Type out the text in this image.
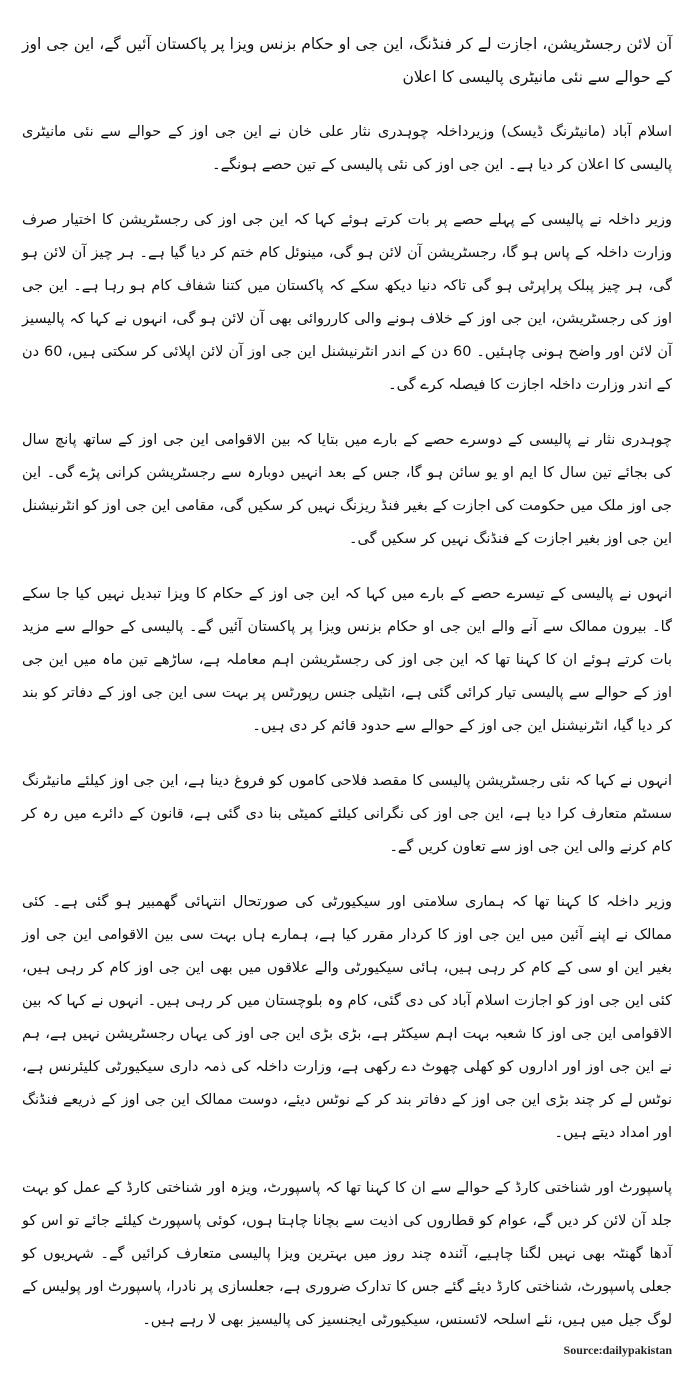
آن لائن رجسٹریشن، اجازت لے کر فنڈنگ، این جی او حکام بزنس ویزا پر پاکستان آئیں گے، این جی اوز کے حوالے سے نئی مانیٹری پالیسی کا اعلان

اسلام آباد (مانیٹرنگ ڈیسک) وزیرداخلہ چوہدری نثار علی خان نے این جی اوز کے حوالے سے نئی مانیٹری پالیسی کا اعلان کر دیا ہے۔ این جی اوز کی نئی پالیسی کے تین حصے ہونگے۔

وزیر داخلہ نے پالیسی کے پہلے حصے پر بات کرتے ہوئے کہا کہ این جی اوز کی رجسٹریشن کا اختیار صرف وزارت داخلہ کے پاس ہو گا، رجسٹریشن آن لائن ہو گی، مینوئل کام ختم کر دیا گیا ہے۔ ہر چیز آن لائن ہو گی، ہر چیز پبلک پراپرٹی ہو گی تاکہ دنیا دیکھ سکے کہ پاکستان میں کتنا شفاف کام ہو رہا ہے۔ این جی اوز کی رجسٹریشن، این جی اوز کے خلاف ہونے والی کارروائی بھی آن لائن ہو گی، انہوں نے کہا کہ پالیسیز آن لائن اور واضح ہونی چاہئیں۔ 60 دن کے اندر انٹرنیشنل این جی اوز آن لائن اپلائی کر سکتی ہیں، 60 دن کے اندر وزارت داخلہ اجازت کا فیصلہ کرے گی۔

چوہدری نثار نے پالیسی کے دوسرے حصے کے بارے میں بتایا کہ بین الاقوامی این جی اوز کے ساتھ پانچ سال کی بجائے تین سال کا ایم او یو سائن ہو گا، جس کے بعد انہیں دوبارہ سے رجسٹریشن کرانی پڑے گی۔ این جی اوز ملک میں حکومت کی اجازت کے بغیر فنڈ ریزنگ نہیں کر سکیں گی، مقامی این جی اوز کو انٹرنیشنل این جی اوز بغیر اجازت کے فنڈنگ نہیں کر سکیں گی۔

انہوں نے پالیسی کے تیسرے حصے کے بارے میں کہا کہ این جی اوز کے حکام کا ویزا تبدیل نہیں کیا جا سکے گا۔ بیرون ممالک سے آنے والے این جی او حکام بزنس ویزا پر پاکستان آئیں گے۔ پالیسی کے حوالے سے مزید بات کرتے ہوئے ان کا کہنا تھا کہ این جی اوز کی رجسٹریشن اہم معاملہ ہے، ساڑھے تین ماہ میں این جی اوز کے حوالے سے پالیسی تیار کرائی گئی ہے، انٹیلی جنس رپورٹس پر بہت سی این جی اوز کے دفاتر کو بند کر دیا گیا، انٹرنیشنل این جی اوز کے حوالے سے حدود قائم کر دی ہیں۔

انہوں نے کہا کہ نئی رجسٹریشن پالیسی کا مقصد فلاحی کاموں کو فروغ دینا ہے، این جی اوز کیلئے مانیٹرنگ سسٹم متعارف کرا دیا ہے، این جی اوز کی نگرانی کیلئے کمیٹی بنا دی گئی ہے، قانون کے دائرے میں رہ کر کام کرنے والی این جی اوز سے تعاون کریں گے۔

وزیر داخلہ کا کہنا تھا کہ ہماری سلامتی اور سیکیورٹی کی صورتحال انتہائی گھمبیر ہو گئی ہے۔ کئی ممالک نے اپنے آئین میں این جی اوز کا کردار مقرر کیا ہے، ہمارے ہاں بہت سی بین الاقوامی این جی اوز بغیر این او سی کے کام کر رہی ہیں، ہائی سیکیورٹی والے علاقوں میں بھی این جی اوز کام کر رہی ہیں، کئی این جی اوز کو اجازت اسلام آباد کی دی گئی، کام وہ بلوچستان میں کر رہی ہیں۔ انہوں نے کہا کہ بین الاقوامی این جی اوز کا شعبہ بہت اہم سیکٹر ہے، بڑی بڑی این جی اوز کی یہاں رجسٹریشن نہیں ہے، ہم نے این جی اوز اور اداروں کو کھلی چھوٹ دے رکھی ہے، وزارت داخلہ کی ذمہ داری سیکیورٹی کلیئرنس ہے، نوٹس لے کر چند بڑی این جی اوز کے دفاتر بند کر کے نوٹس دیئے، دوست ممالک این جی اوز کے ذریعے فنڈنگ اور امداد دیتے ہیں۔

پاسپورٹ اور شناختی کارڈ کے حوالے سے ان کا کہنا تھا کہ پاسپورٹ، ویزہ اور شناختی کارڈ کے عمل کو بہت جلد آن لائن کر دیں گے، عوام کو قطاروں کی اذیت سے بچانا چاہتا ہوں، کوئی پاسپورٹ کیلئے جائے تو اس کو آدھا گھنٹہ بھی نہیں لگنا چاہیے، آئندہ چند روز میں بہترین ویزا پالیسی متعارف کرائیں گے۔ شہریوں کو جعلی پاسپورٹ، شناختی کارڈ دیئے گئے جس کا تدارک ضروری ہے، جعلسازی پر نادرا، پاسپورٹ اور پولیس کے لوگ جیل میں ہیں، نئے اسلحہ لائسنس، سیکیورٹی ایجنسیز کی پالیسیز بھی لا رہے ہیں۔

Source:dailypakistan
